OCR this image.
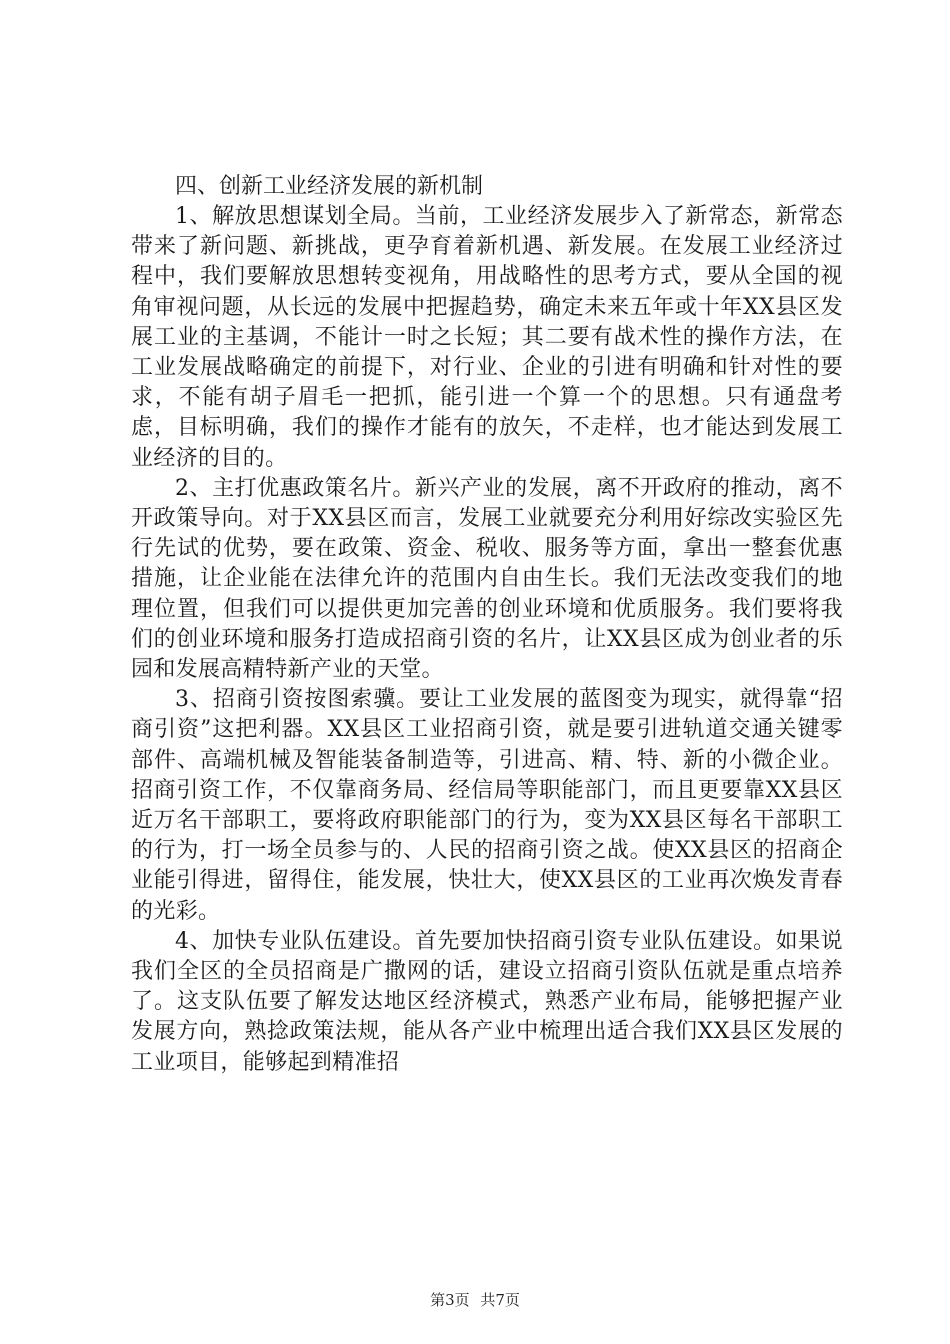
四、创新工业经济发展的新机制

1、解放思想谋划全局。当前，工业经济发展步入了新常态，新常态带来了新问题、新挑战，更孕育着新机遇、新发展。在发展工业经济过程中，我们要解放思想转变视角，用战略性的思考方式，要从全国的视角审视问题，从长远的发展中把握趋势，确定未来五年或十年XX县区发展工业的主基调，不能计一时之长短；其二要有战术性的操作方法，在工业发展战略确定的前提下，对行业、企业的引进有明确和针对性的要求，不能有胡子眉毛一把抓，能引进一个算一个的思想。只有通盘考虑，目标明确，我们的操作才能有的放矢，不走样，也才能达到发展工业经济的目的。

2、主打优惠政策名片。新兴产业的发展，离不开政府的推动，离不开政策导向。对于XX县区而言，发展工业就要充分利用好综改实验区先行先试的优势，要在政策、资金、税收、服务等方面，拿出一整套优惠措施，让企业能在法律允许的范围内自由生长。我们无法改变我们的地理位置，但我们可以提供更加完善的创业环境和优质服务。我们要将我们的创业环境和服务打造成招商引资的名片，让XX县区成为创业者的乐园和发展高精特新产业的天堂。

3、招商引资按图索骥。要让工业发展的蓝图变为现实，就得靠“招商引资”这把利器。XX县区工业招商引资，就是要引进轨道交通关键零部件、高端机械及智能装备制造等，引进高、精、特、新的小微企业。招商引资工作，不仅靠商务局、经信局等职能部门，而且更要靠XX县区近万名干部职工，要将政府职能部门的行为，变为XX县区每名干部职工的行为，打一场全员参与的、人民的招商引资之战。使XX县区的招商企业能引得进，留得住，能发展，快壮大，使XX县区的工业再次焕发青春的光彩。

4、加快专业队伍建设。首先要加快招商引资专业队伍建设。如果说我们全区的全员招商是广撒网的话，建设立招商引资队伍就是重点培养了。这支队伍要了解发达地区经济模式，熟悉产业布局，能够把握产业发展方向，熟捻政策法规，能从各产业中梳理出适合我们XX县区发展的工业项目，能够起到精准招

第3页 共7页
